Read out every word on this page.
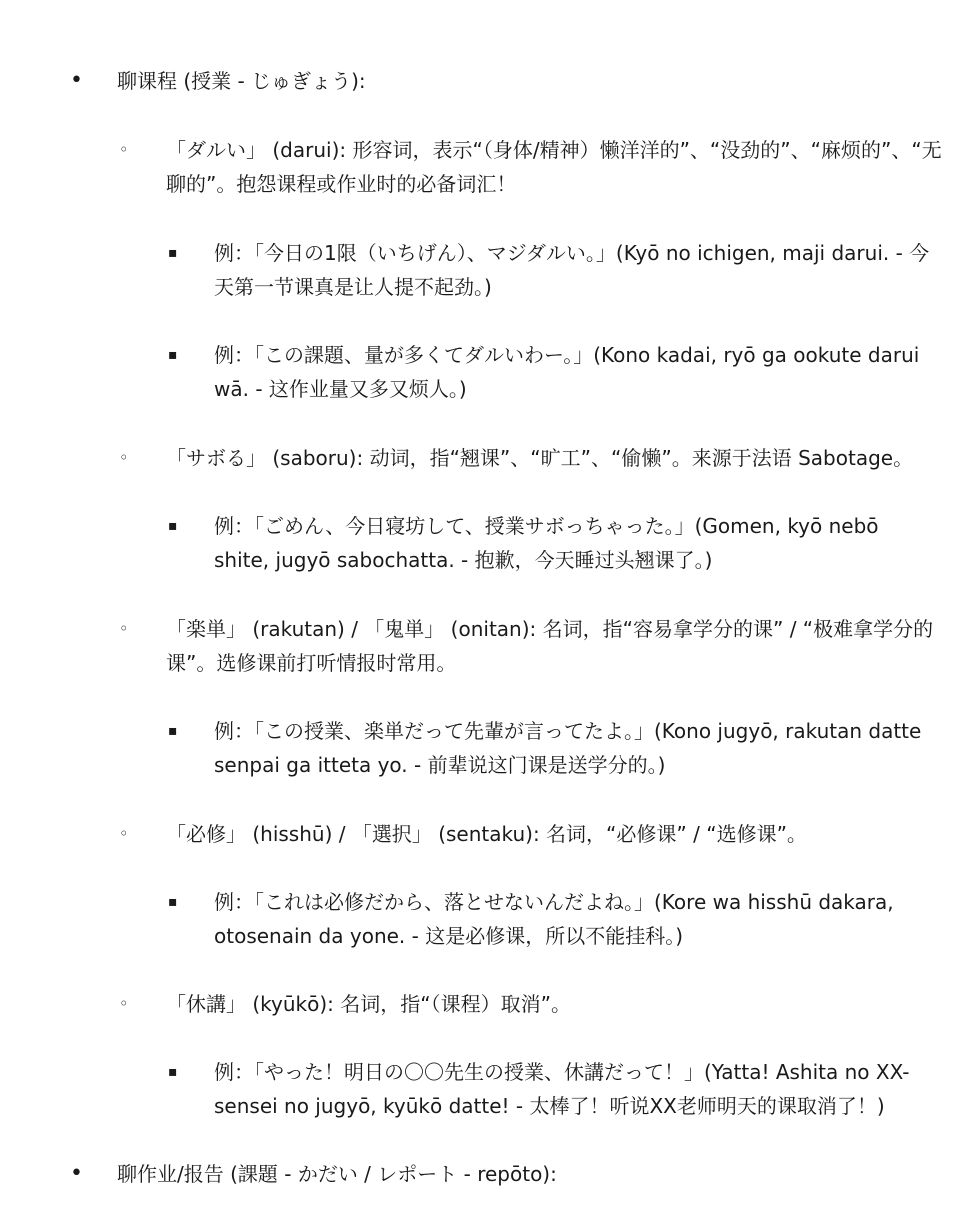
• 聊课程 (授業 - じゅぎょう):
◦ 「ダルい」 (darui): 形容词，表示“（身体/精神）懒洋洋的”、“没劲的”、“麻烦的”、“无聊的”。抱怨课程或作业时的必备词汇！
▪ 例：「今日の1限（いちげん）、マジダルい。」(Kyō no ichigen, maji darui. - 今天第一节课真是让人提不起劲。)
▪ 例：「この課題、量が多くてダルいわー。」(Kono kadai, ryō ga ookute darui wā. - 这作业量又多又烦人。)
◦ 「サボる」 (saboru): 动词，指“翘课”、“旷工”、“偷懒”。来源于法语 Sabotage。
▪ 例：「ごめん、今日寝坊して、授業サボっちゃった。」(Gomen, kyō nebō shite, jugyō sabochatta. - 抱歉，今天睡过头翘课了。)
◦ 「楽単」 (rakutan) / 「鬼単」 (onitan): 名词，指“容易拿学分的课” / “极难拿学分的课”。选修课前打听情报时常用。
▪ 例：「この授業、楽単だって先輩が言ってたよ。」(Kono jugyō, rakutan datte senpai ga itteta yo. - 前辈说这门课是送学分的。)
◦ 「必修」 (hisshū) / 「選択」 (sentaku): 名词，“必修课” / “选修课”。
▪ 例：「これは必修だから、落とせないんだよね。」(Kore wa hisshū dakara, otosenain da yone. - 这是必修课，所以不能挂科。)
◦ 「休講」 (kyūkō): 名词，指“（课程）取消”。
▪ 例：「やった！明日の〇〇先生の授業、休講だって！」(Yatta! Ashita no XX-sensei no jugyō, kyūkō datte! - 太棒了！听说XX老师明天的课取消了！)
• 聊作业/报告 (課題 - かだい / レポート - repōto):
